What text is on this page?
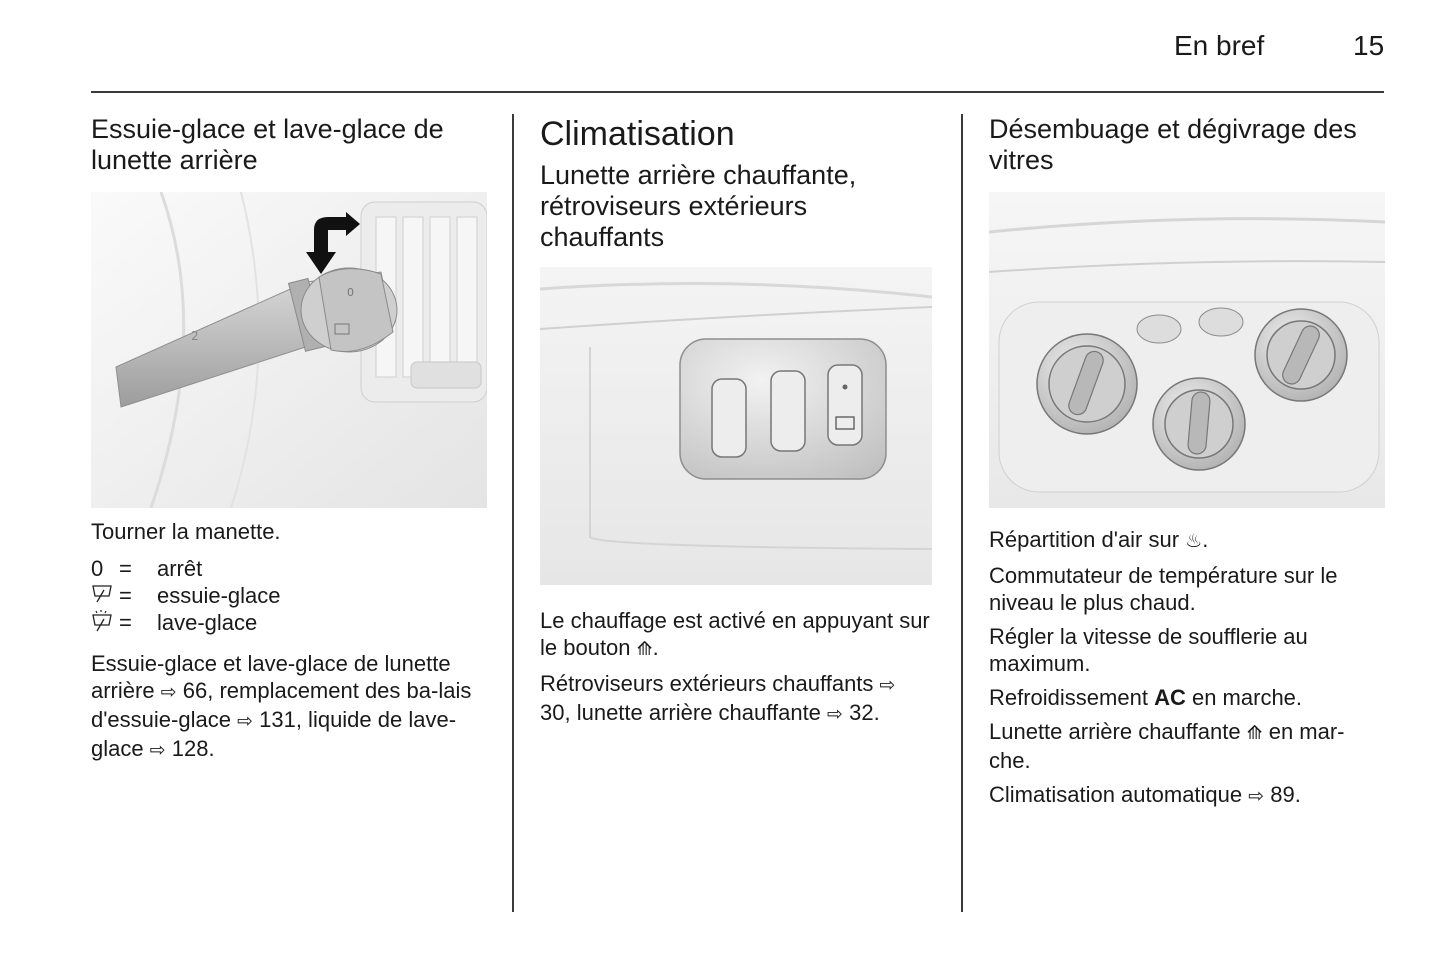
En bref	15
Essuie-glace et lave-glace de lunette arrière
0
2
Tourner la manette.
0 =	arrêt
=	essuie-glace
=	lave-glace
Essuie-glace et lave-glace de lunette arrière ⇨ 66, remplacement des ba-lais d'essuie-glace ⇨ 131, liquide de lave-glace ⇨ 128.
Climatisation
Lunette arrière chauffante, rétroviseurs extérieurs chauffants
Le chauffage est activé en appuyant sur le bouton ⟰.
Rétroviseurs extérieurs chauffants ⇨ 30, lunette arrière chauffante ⇨ 32.
Désembuage et dégivrage des vitres
Répartition d'air sur ♨.
Commutateur de température sur le niveau le plus chaud.
Régler la vitesse de soufflerie au maximum.
Refroidissement AC en marche.
Lunette arrière chauffante ⟰ en mar-che.
Climatisation automatique ⇨ 89.
